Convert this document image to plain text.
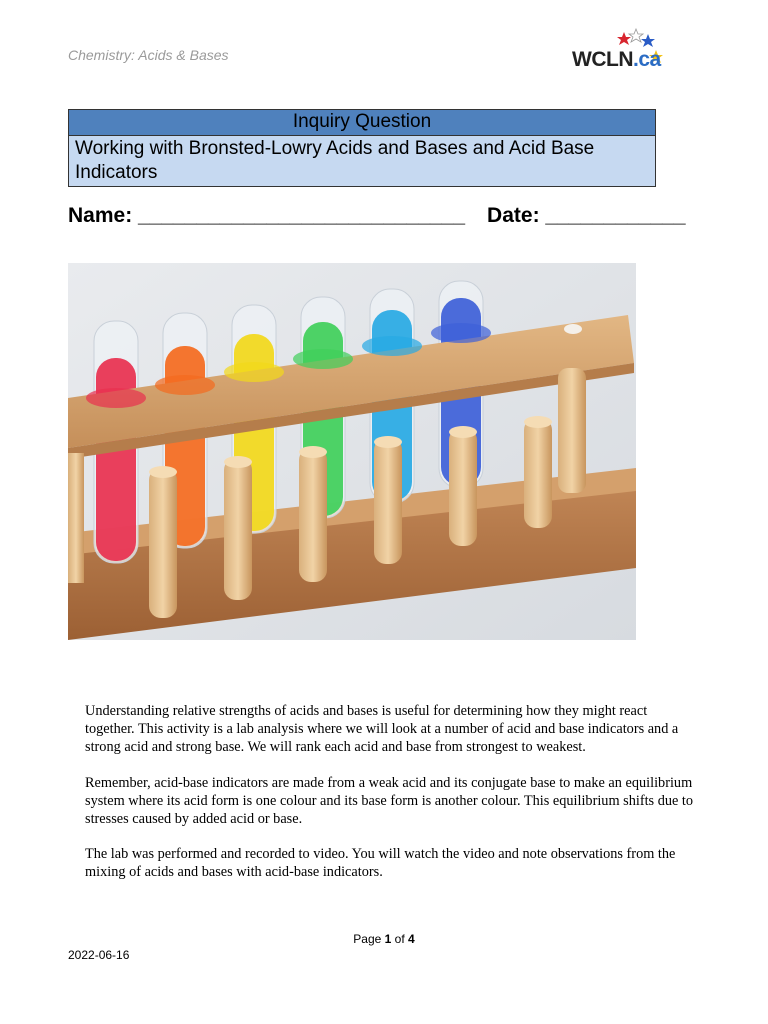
Chemistry: Acids & Bases	WCLN.ca
Inquiry Question
Working with Bronsted-Lowry Acids and Bases and Acid Base Indicators
Name: ____________________________ Date: ____________
Understanding relative strengths of acids and bases is useful for determining how they might react together. This activity is a lab analysis where we will look at a number of acid and base indicators and a strong acid and strong base. We will rank each acid and base from strongest to weakest.
Remember, acid-base indicators are made from a weak acid and its conjugate base to make an equilibrium system where its acid form is one colour and its base form is another colour. This equilibrium shifts due to stresses caused by added acid or base.
The lab was performed and recorded to video. You will watch the video and note observations from the mixing of acids and bases with acid-base indicators.
Page 1 of 4
2022-06-16
